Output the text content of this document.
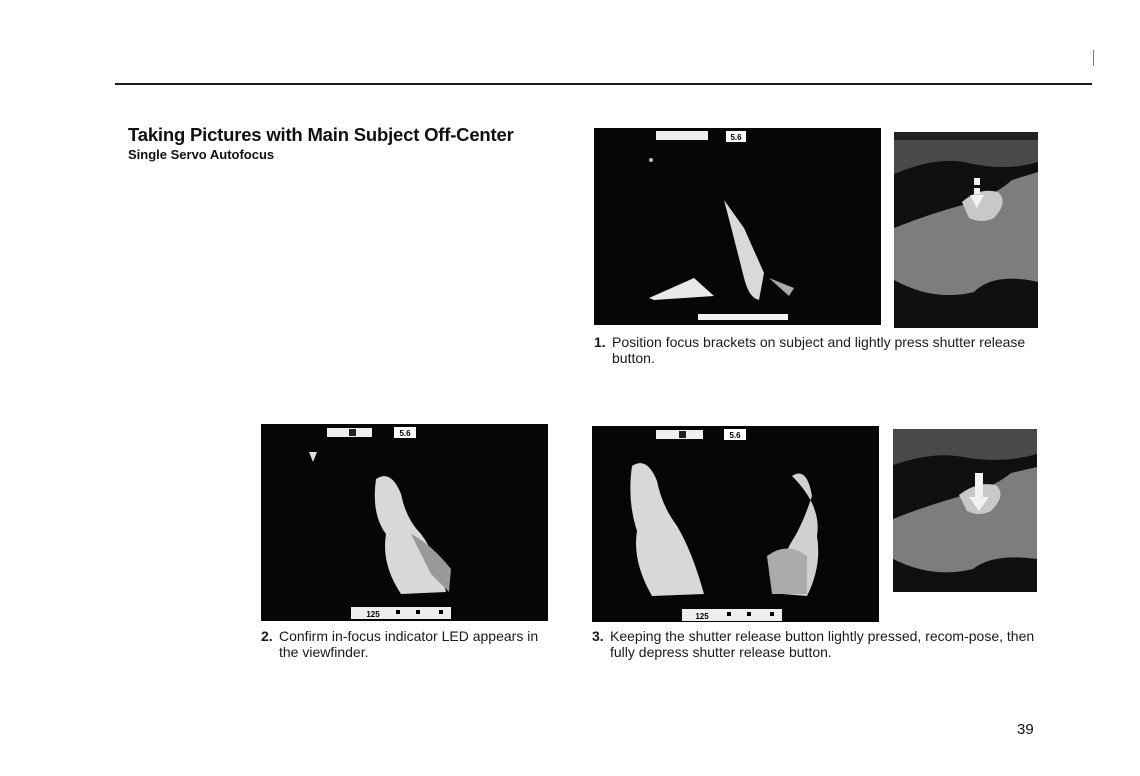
Taking Pictures with Main Subject Off-Center
Single Servo Autofocus
5.6
1. Position focus brackets on subject and lightly press shutter release button.
5.6
125
2. Confirm in-focus indicator LED appears in the viewfinder.
5.6
125
3. Keeping the shutter release button lightly pressed, recom-pose, then fully depress shutter release button.
39
